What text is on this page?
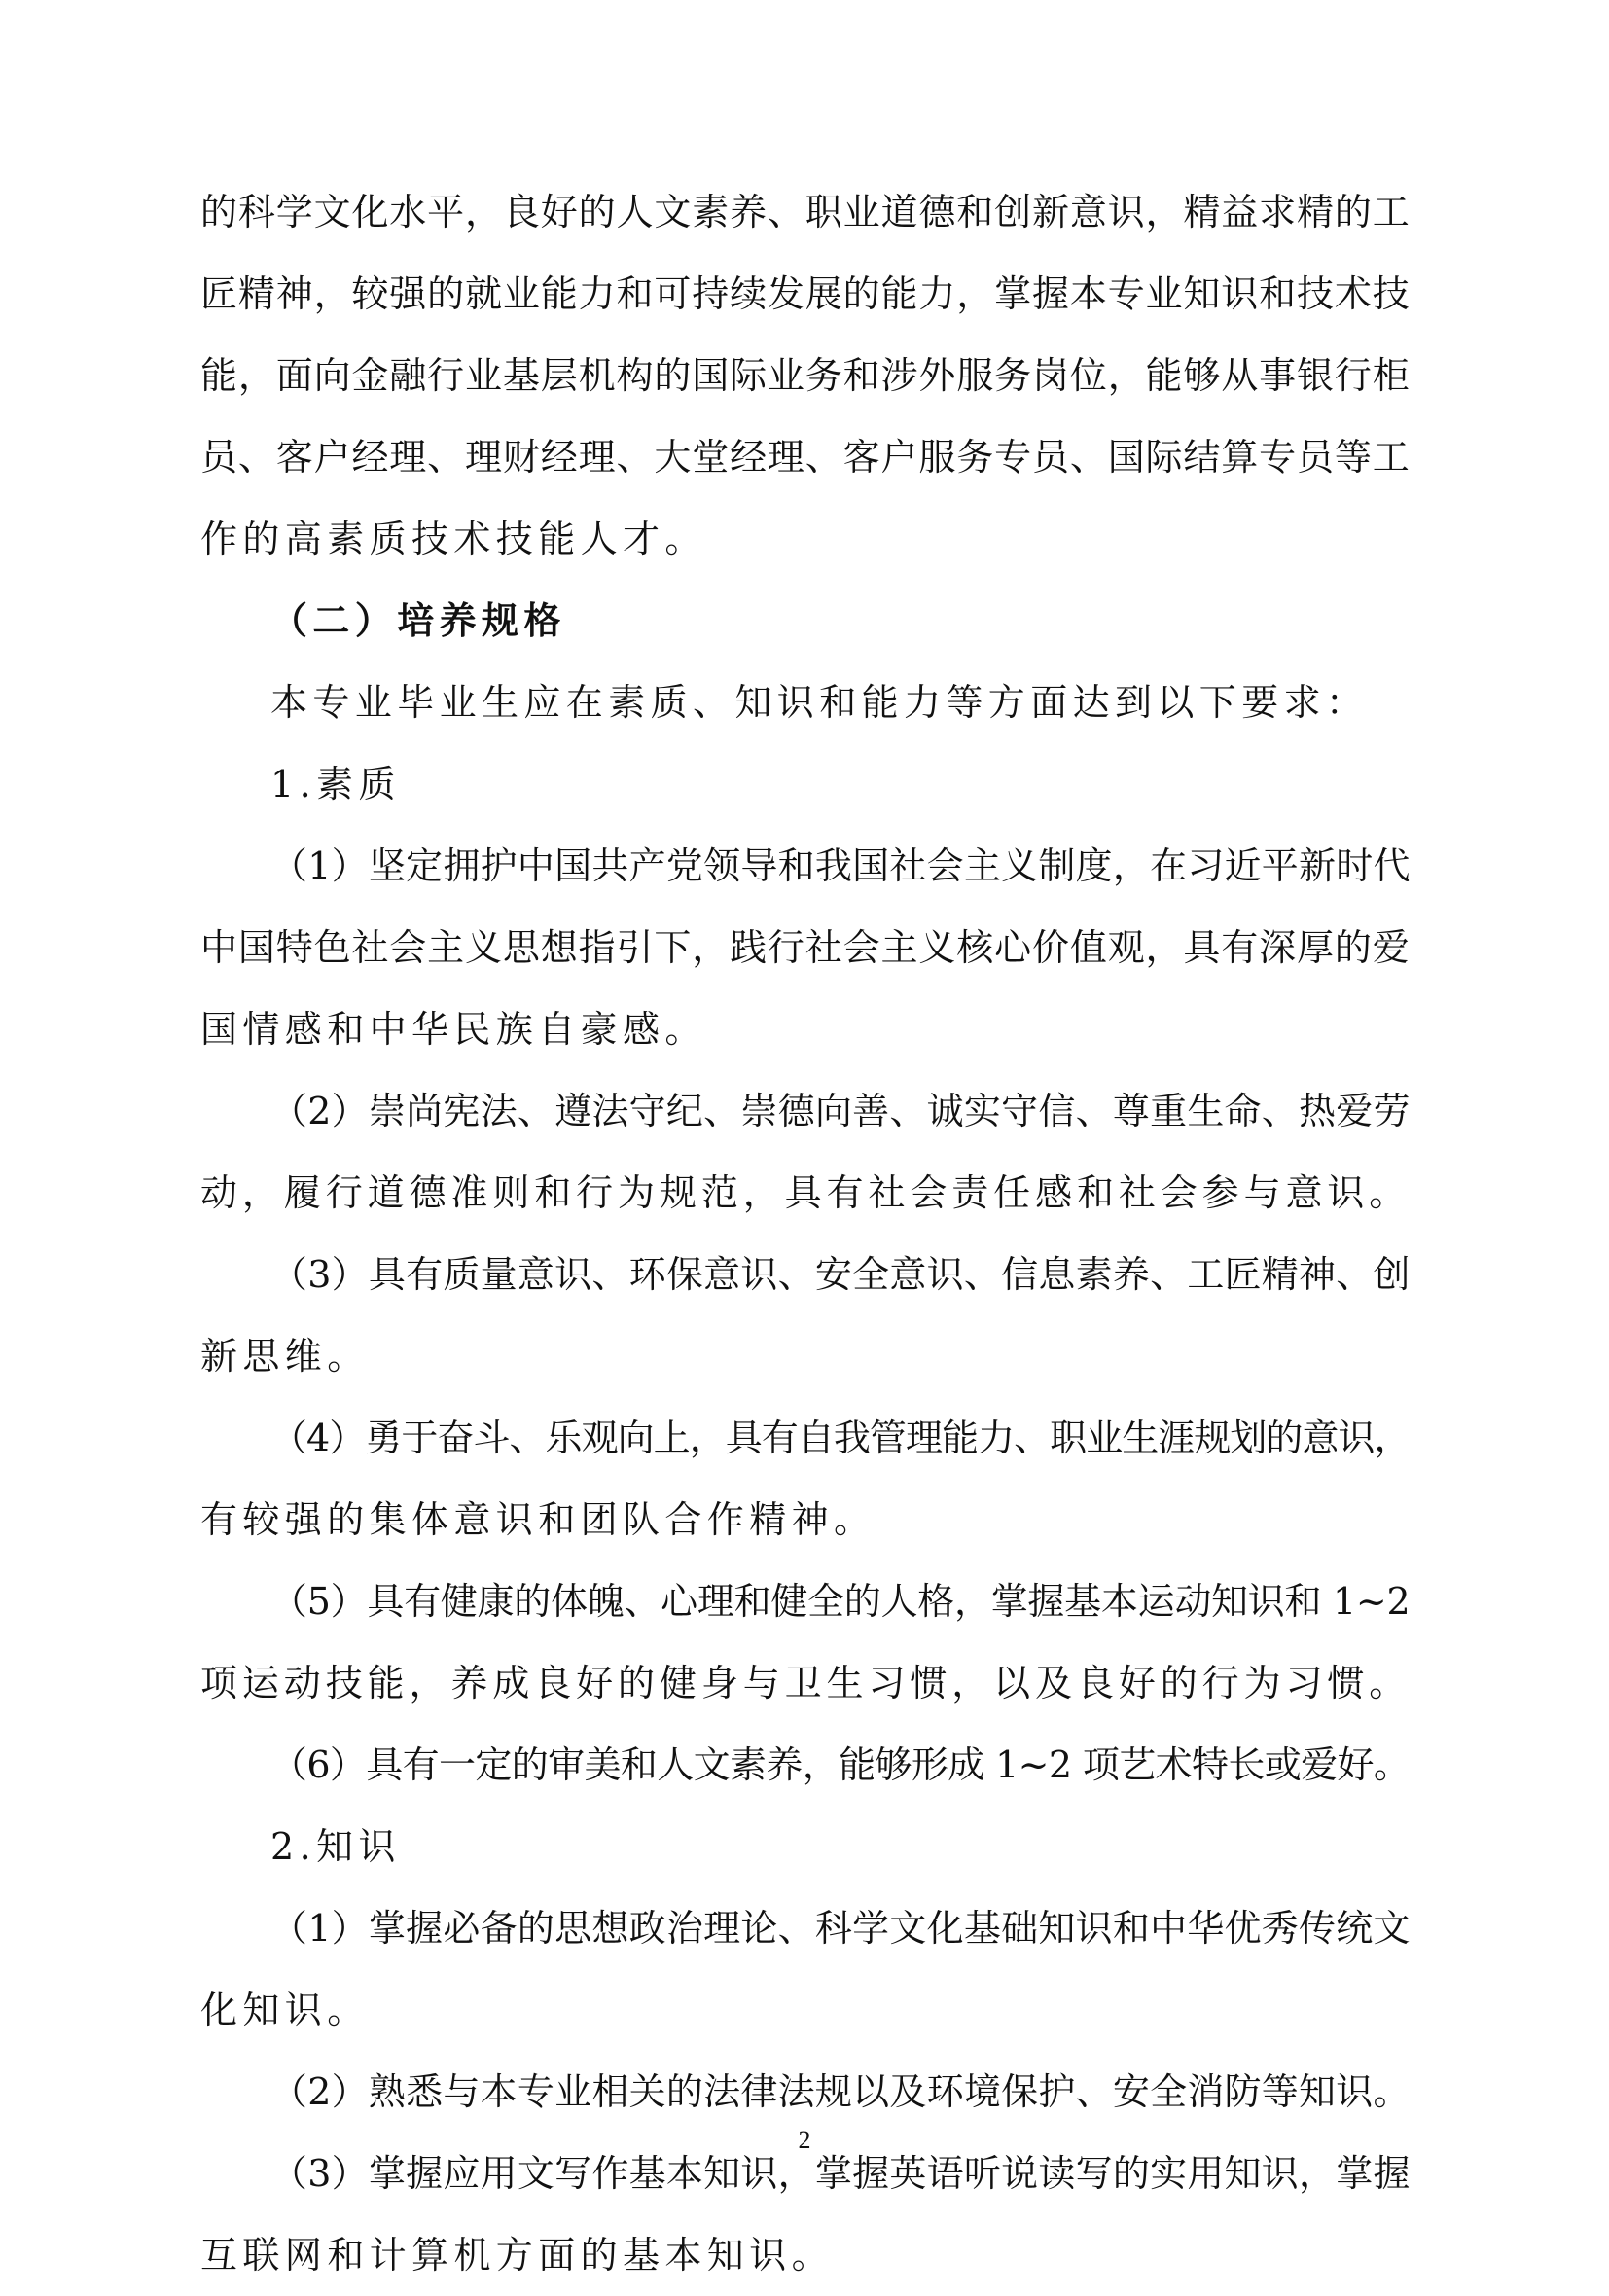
的科学文化水平，良好的人文素养、职业道德和创新意识，精益求精的工
匠精神，较强的就业能力和可持续发展的能力，掌握本专业知识和技术技
能，面向金融行业基层机构的国际业务和涉外服务岗位，能够从事银行柜
员、客户经理、理财经理、大堂经理、客户服务专员、国际结算专员等工
作的高素质技术技能人才。
（二）培养规格
本专业毕业生应在素质、知识和能力等方面达到以下要求：
1.素质
（1）坚定拥护中国共产党领导和我国社会主义制度，在习近平新时代
中国特色社会主义思想指引下，践行社会主义核心价值观，具有深厚的爱
国情感和中华民族自豪感。
（2）崇尚宪法、遵法守纪、崇德向善、诚实守信、尊重生命、热爱劳
动，履行道德准则和行为规范，具有社会责任感和社会参与意识。
（3）具有质量意识、环保意识、安全意识、信息素养、工匠精神、创
新思维。
（4）勇于奋斗、乐观向上，具有自我管理能力、职业生涯规划的意识，
有较强的集体意识和团队合作精神。
（5）具有健康的体魄、心理和健全的人格，掌握基本运动知识和 1~2
项运动技能，养成良好的健身与卫生习惯，以及良好的行为习惯。
（6）具有一定的审美和人文素养，能够形成 1~2 项艺术特长或爱好。
2.知识
（1）掌握必备的思想政治理论、科学文化基础知识和中华优秀传统文
化知识。
（2）熟悉与本专业相关的法律法规以及环境保护、安全消防等知识。
（3）掌握应用文写作基本知识，掌握英语听说读写的实用知识，掌握
互联网和计算机方面的基本知识。
2
